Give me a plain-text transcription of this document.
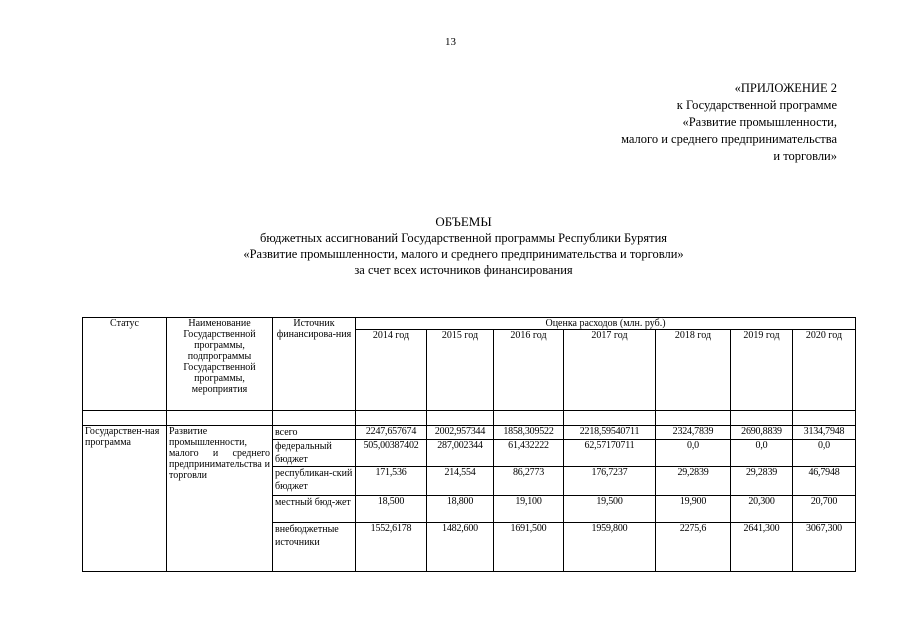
13
«ПРИЛОЖЕНИЕ 2
к Государственной программе
«Развитие промышленности,
малого и среднего предпринимательства
и торговли»
ОБЪЕМЫ
бюджетных ассигнований Государственной программы Республики Бурятия
«Развитие промышленности, малого и среднего предпринимательства и торговли»
за счет всех источников финансирования
Статус	Наименование Государственной программы, подпрограммы Государственной программы, мероприятия	Источник финансирова-ния	Оценка расходов (млн. руб.)						
			2014 год	2015 год	2016 год	2017 год	2018 год	2019 год	2020 год

Государствен-ная программа	Развитие промышленности, малого и среднего предпринимательства и торговли	всего	2247,657674	2002,957344	1858,309522	2218,59540711	2324,7839	2690,8839	3134,7948
		федеральный бюджет	505,00387402	287,002344	61,432222	62,57170711	0,0	0,0	0,0
		республикан-ский бюджет	171,536	214,554	86,2773	176,7237	29,2839	29,2839	46,7948
		местный бюд-жет	18,500	18,800	19,100	19,500	19,900	20,300	20,700
		внебюджетные источники	1552,6178	1482,600	1691,500	1959,800	2275,6	2641,300	3067,300
